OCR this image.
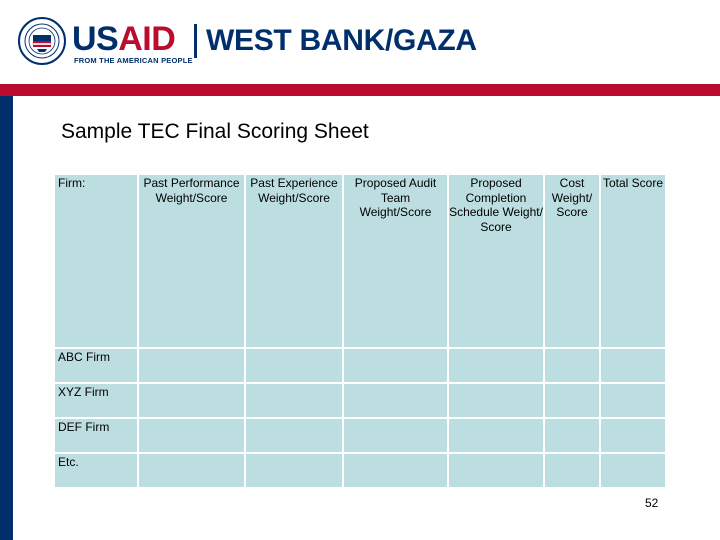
USAID
FROM THE AMERICAN PEOPLE
WEST BANK/GAZA
Sample TEC Final Scoring Sheet
Firm:	Past Performance Weight/Score	Past Experience Weight/Score	Proposed Audit Team Weight/Score	Proposed Completion Schedule Weight/ Score	Cost Weight/ Score	Total Score
ABC Firm						
XYZ Firm						
DEF Firm						
Etc.						
52
